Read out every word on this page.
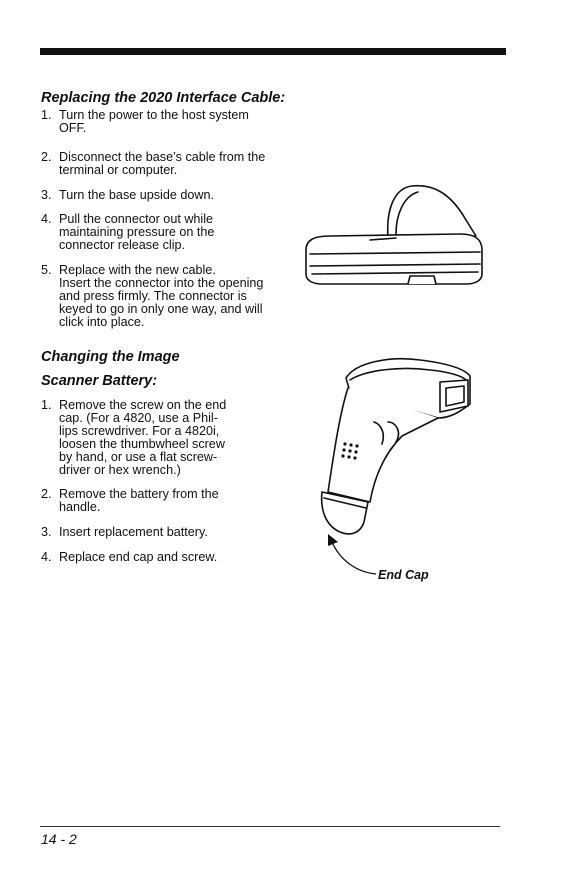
Replacing the 2020 Interface Cable:
1. Turn the power to the host system
OFF.
2. Disconnect the base’s cable from the
terminal or computer.
3. Turn the base upside down.
4. Pull the connector out while
maintaining pressure on the
connector release clip.
5. Replace with the new cable.
Insert the connector into the opening
and press firmly. The connector is
keyed to go in only one way, and will
click into place.
Changing the Image
Scanner Battery:
1. Remove the screw on the end
cap. (For a 4820, use a Phil-
lips screwdriver. For a 4820i,
loosen the thumbwheel screw
by hand, or use a flat screw-
driver or hex wrench.)
2. Remove the battery from the
handle.
3. Insert replacement battery.
4. Replace end cap and screw.
End Cap
14 - 2
